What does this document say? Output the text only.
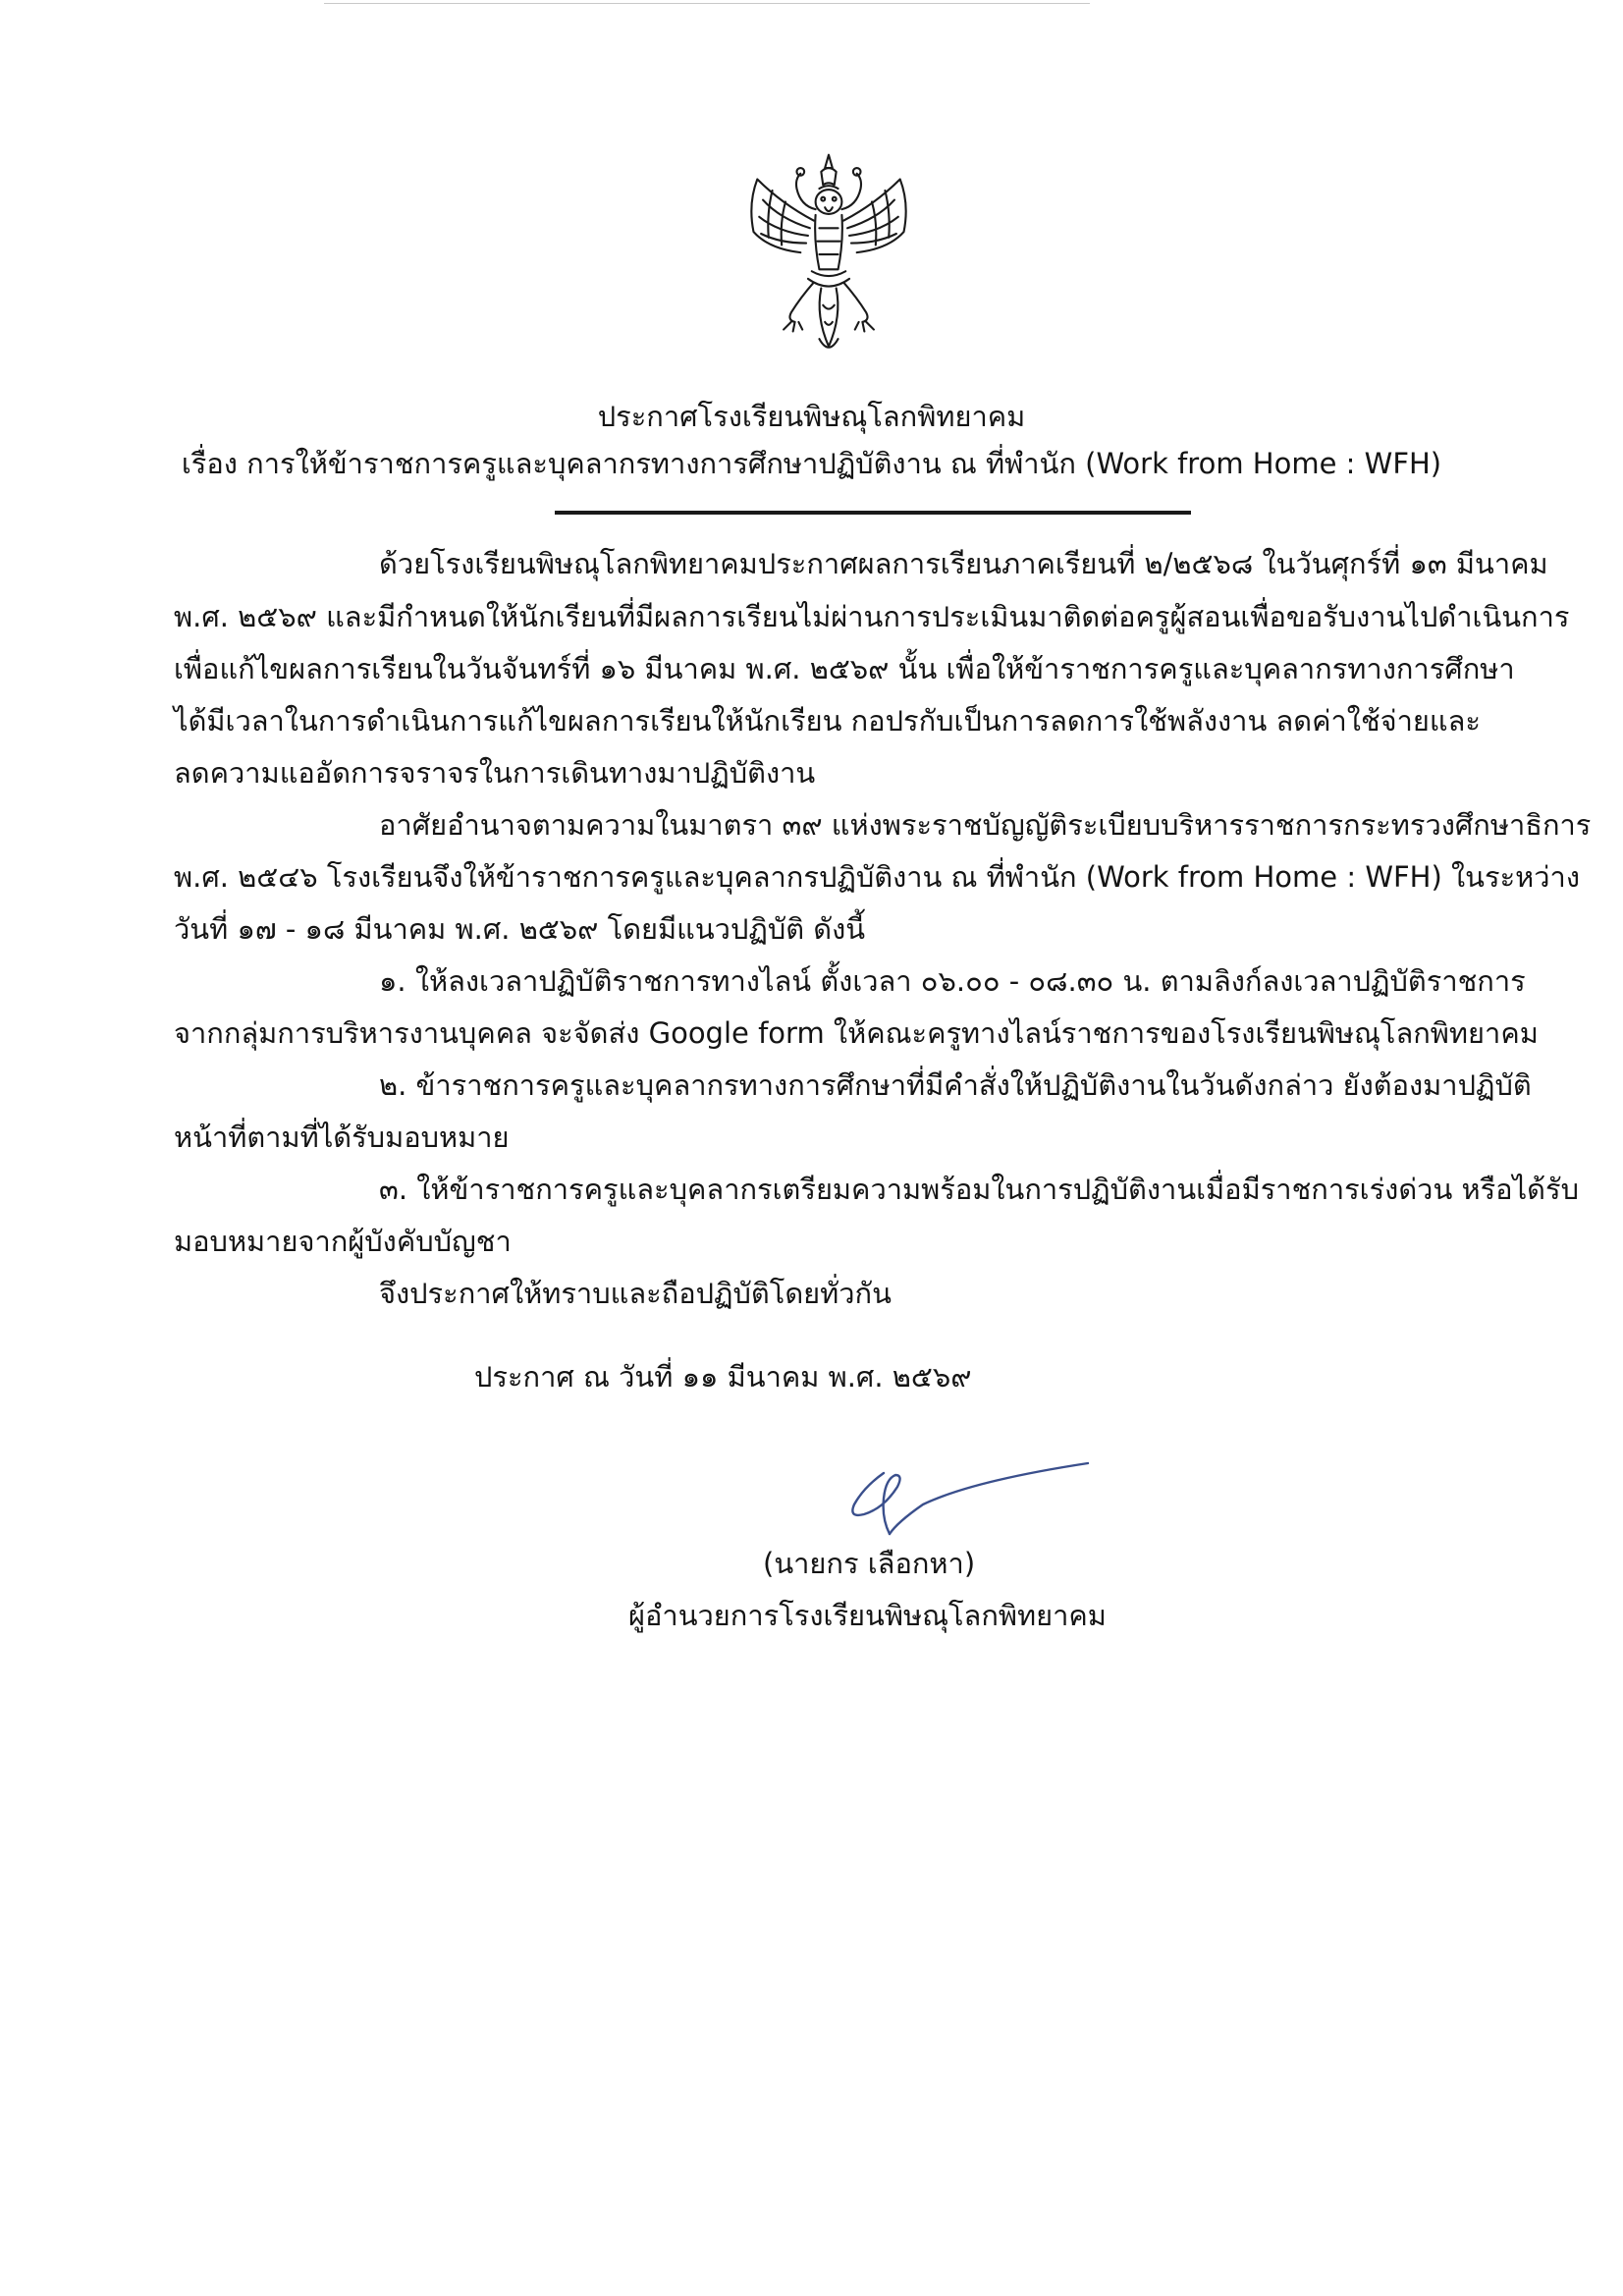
ประกาศโรงเรียนพิษณุโลกพิทยาคม
เรื่อง การให้ข้าราชการครูและบุคลากรทางการศึกษาปฏิบัติงาน ณ ที่พำนัก (Work from Home : WFH)
ด้วยโรงเรียนพิษณุโลกพิทยาคมประกาศผลการเรียนภาคเรียนที่ ๒/๒๕๖๘ ในวันศุกร์ที่ ๑๓ มีนาคม
พ.ศ. ๒๕๖๙ และมีกำหนดให้นักเรียนที่มีผลการเรียนไม่ผ่านการประเมินมาติดต่อครูผู้สอนเพื่อขอรับงานไปดำเนินการ
เพื่อแก้ไขผลการเรียนในวันจันทร์ที่ ๑๖ มีนาคม พ.ศ. ๒๕๖๙ นั้น เพื่อให้ข้าราชการครูและบุคลากรทางการศึกษา
ได้มีเวลาในการดำเนินการแก้ไขผลการเรียนให้นักเรียน กอปรกับเป็นการลดการใช้พลังงาน ลดค่าใช้จ่ายและ
ลดความแออัดการจราจรในการเดินทางมาปฏิบัติงาน
อาศัยอำนาจตามความในมาตรา ๓๙ แห่งพระราชบัญญัติระเบียบบริหารราชการกระทรวงศึกษาธิการ
พ.ศ. ๒๕๔๖ โรงเรียนจึงให้ข้าราชการครูและบุคลากรปฏิบัติงาน ณ ที่พำนัก (Work from Home : WFH) ในระหว่าง
วันที่ ๑๗ - ๑๘ มีนาคม พ.ศ. ๒๕๖๙ โดยมีแนวปฏิบัติ ดังนี้
๑. ให้ลงเวลาปฏิบัติราชการทางไลน์ ตั้งเวลา ๐๖.๐๐ - ๐๘.๓๐ น. ตามลิงก์ลงเวลาปฏิบัติราชการ
จากกลุ่มการบริหารงานบุคคล จะจัดส่ง Google form ให้คณะครูทางไลน์ราชการของโรงเรียนพิษณุโลกพิทยาคม
๒. ข้าราชการครูและบุคลากรทางการศึกษาที่มีคำสั่งให้ปฏิบัติงานในวันดังกล่าว ยังต้องมาปฏิบัติ
หน้าที่ตามที่ได้รับมอบหมาย
๓. ให้ข้าราชการครูและบุคลากรเตรียมความพร้อมในการปฏิบัติงานเมื่อมีราชการเร่งด่วน หรือได้รับ
มอบหมายจากผู้บังคับบัญชา
จึงประกาศให้ทราบและถือปฏิบัติโดยทั่วกัน
ประกาศ ณ วันที่ ๑๑ มีนาคม พ.ศ. ๒๕๖๙
(นายกร เลือกหา)
ผู้อำนวยการโรงเรียนพิษณุโลกพิทยาคม
